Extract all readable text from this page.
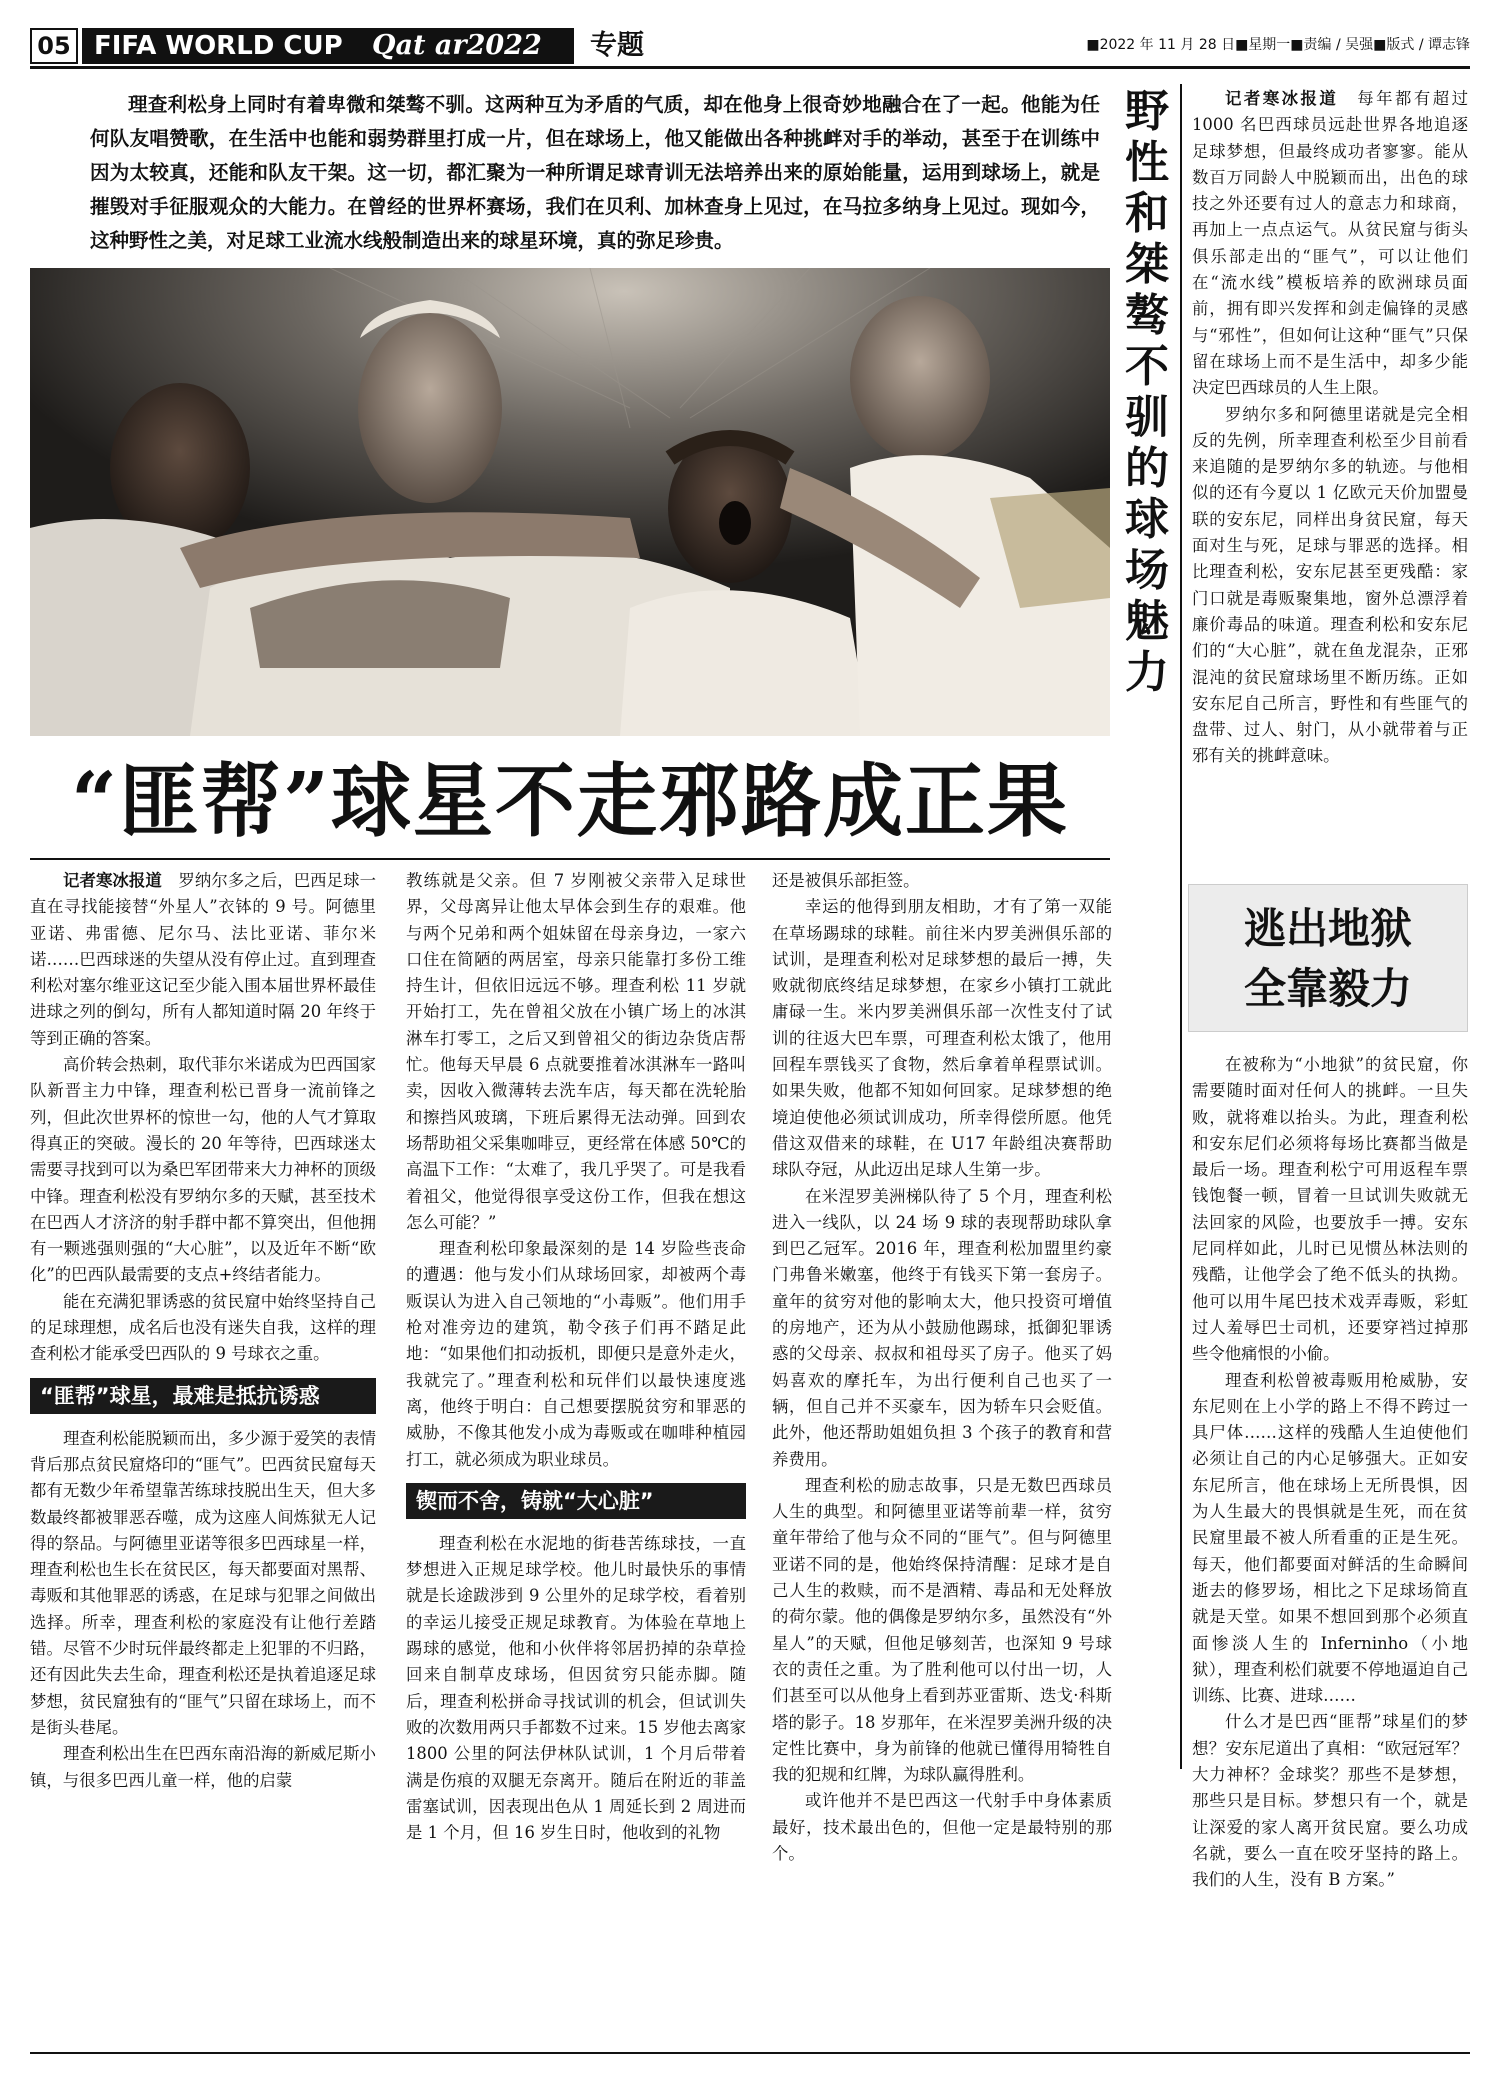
05 FIFA WORLD CUP Qat ar2022 专题	■2022 年 11 月 28 日■星期一■责编 / 吴强■版式 / 谭志锋
理查利松身上同时有着卑微和桀骜不驯。这两种互为矛盾的气质，却在他身上很奇妙地融合在了一起。他能为任何队友唱赞歌，在生活中也能和弱势群里打成一片，但在球场上，他又能做出各种挑衅对手的举动，甚至于在训练中因为太较真，还能和队友干架。这一切，都汇聚为一种所谓足球青训无法培养出来的原始能量，运用到球场上，就是摧毁对手征服观众的大能力。在曾经的世界杯赛场，我们在贝利、加林查身上见过，在马拉多纳身上见过。现如今，这种野性之美，对足球工业流水线般制造出来的球星环境，真的弥足珍贵。
野性和桀骜不驯的球场魅力
“匪帮”球星不走邪路成正果

记者寒冰报道　 罗纳尔多之后，巴西足球一直在寻找能接替“外星人”衣钵的 9 号。阿德里亚诺、弗雷德、尼尔马、法比亚诺、菲尔米诺……巴西球迷的失望从没有停止过。直到理查利松对塞尔维亚这记至少能入围本届世界杯最佳进球之列的倒勾，所有人都知道时隔 20 年终于等到正确的答案。

高价转会热刺，取代菲尔米诺成为巴西国家队新晋主力中锋，理查利松已晋身一流前锋之列，但此次世界杯的惊世一勾，他的人气才算取得真正的突破。漫长的 20 年等待，巴西球迷太需要寻找到可以为桑巴军团带来大力神杯的顶级中锋。理查利松没有罗纳尔多的天赋，甚至技术在巴西人才济济的射手群中都不算突出，但他拥有一颗逃强则强的“大心脏”，以及近年不断“欧化”的巴西队最需要的支点+终结者能力。

能在充满犯罪诱惑的贫民窟中始终坚持自己的足球理想，成名后也没有迷失自我，这样的理查利松才能承受巴西队的 9 号球衣之重。

“匪帮”球星，最难是抵抗诱惑

理查利松能脱颖而出，多少源于爱笑的表情背后那点贫民窟烙印的“匪气”。巴西贫民窟每天都有无数少年希望靠苦练球技脱出生天，但大多数最终都被罪恶吞噬，成为这座人间炼狱无人记得的祭品。与阿德里亚诺等很多巴西球星一样，理查利松也生长在贫民区，每天都要面对黑帮、毒贩和其他罪恶的诱惑，在足球与犯罪之间做出选择。所幸，理查利松的家庭没有让他行差踏错。尽管不少时玩伴最终都走上犯罪的不归路，还有因此失去生命，理查利松还是执着追逐足球梦想，贫民窟独有的“匪气”只留在球场上，而不是街头巷尾。

理查利松出生在巴西东南沿海的新威尼斯小镇，与很多巴西儿童一样，他的启蒙

教练就是父亲。但 7 岁刚被父亲带入足球世界，父母离异让他太早体会到生存的艰难。他与两个兄弟和两个姐妹留在母亲身边，一家六口住在简陋的两居室，母亲只能靠打多份工维持生计，但依旧远远不够。理查利松 11 岁就开始打工，先在曾祖父放在小镇广场上的冰淇淋车打零工，之后又到曾祖父的街边杂货店帮忙。他每天早晨 6 点就要推着冰淇淋车一路叫卖，因收入微薄转去洗车店，每天都在洗轮胎和擦挡风玻璃，下班后累得无法动弹。回到农场帮助祖父采集咖啡豆，更经常在体感 50℃的高温下工作：“太难了，我几乎哭了。可是我看着祖父，他觉得很享受这份工作，但我在想这怎么可能？”

理查利松印象最深刻的是 14 岁险些丧命的遭遇：他与发小们从球场回家，却被两个毒贩误认为进入自己领地的“小毒贩”。他们用手枪对准旁边的建筑，勒令孩子们再不踏足此地：“如果他们扣动扳机，即便只是意外走火，我就完了。”理查利松和玩伴们以最快速度逃离，他终于明白：自己想要摆脱贫穷和罪恶的威胁，不像其他发小成为毒贩或在咖啡种植园打工，就必须成为职业球员。

锲而不舍，铸就“大心脏”

理查利松在水泥地的街巷苦练球技，一直梦想进入正规足球学校。他儿时最快乐的事情就是长途跋涉到 9 公里外的足球学校，看着别的幸运儿接受正规足球教育。为体验在草地上踢球的感觉，他和小伙伴将邻居扔掉的杂草捡回来自制草皮球场，但因贫穷只能赤脚。随后，理查利松拼命寻找试训的机会，但试训失败的次数用两只手都数不过来。15 岁他去离家 1800 公里的阿法伊林队试训，1 个月后带着满是伤痕的双腿无奈离开。随后在附近的菲盖雷塞试训，因表现出色从 1 周延长到 2 周进而是 1 个月，但 16 岁生日时，他收到的礼物

还是被俱乐部拒签。

幸运的他得到朋友相助，才有了第一双能在草场踢球的球鞋。前往米内罗美洲俱乐部的试训，是理查利松对足球梦想的最后一搏，失败就彻底终结足球梦想，在家乡小镇打工就此庸碌一生。米内罗美洲俱乐部一次性支付了试训的往返大巴车票，可理查利松太饿了，他用回程车票钱买了食物，然后拿着单程票试训。如果失败，他都不知如何回家。足球梦想的绝境迫使他必须试训成功，所幸得偿所愿。他凭借这双借来的球鞋，在 U17 年龄组决赛帮助球队夺冠，从此迈出足球人生第一步。

在米涅罗美洲梯队待了 5 个月，理查利松进入一线队，以 24 场 9 球的表现帮助球队拿到巴乙冠军。2016 年，理查利松加盟里约豪门弗鲁米嫩塞，他终于有钱买下第一套房子。童年的贫穷对他的影响太大，他只投资可增值的房地产，还为从小鼓励他踢球，抵御犯罪诱惑的父母亲、叔叔和祖母买了房子。他买了妈妈喜欢的摩托车，为出行便利自己也买了一辆，但自己并不买豪车，因为轿车只会贬值。此外，他还帮助姐姐负担 3 个孩子的教育和营养费用。

理查利松的励志故事，只是无数巴西球员人生的典型。和阿德里亚诺等前辈一样，贫穷童年带给了他与众不同的“匪气”。但与阿德里亚诺不同的是，他始终保持清醒：足球才是自己人生的救赎，而不是酒精、毒品和无处释放的荷尔蒙。他的偶像是罗纳尔多，虽然没有“外星人”的天赋，但他足够刻苦，也深知 9 号球衣的责任之重。为了胜利他可以付出一切，人们甚至可以从他身上看到苏亚雷斯、迭戈·科斯塔的影子。18 岁那年，在米涅罗美洲升级的决定性比赛中，身为前锋的他就已懂得用犄牲自我的犯规和红牌，为球队赢得胜利。

或许他并不是巴西这一代射手中身体素质最好，技术最出色的，但他一定是最特别的那个。

记者寒冰报道　 每年都有超过 1000 名巴西球员远赴世界各地追逐足球梦想，但最终成功者寥寥。能从数百万同龄人中脱颖而出，出色的球技之外还要有过人的意志力和球商，再加上一点点运气。从贫民窟与街头俱乐部走出的“匪气”，可以让他们在“流水线”模板培养的欧洲球员面前，拥有即兴发挥和剑走偏锋的灵感与“邪性”，但如何让这种“匪气”只保留在球场上而不是生活中，却多少能决定巴西球员的人生上限。

罗纳尔多和阿德里诺就是完全相反的先例，所幸理查利松至少目前看来追随的是罗纳尔多的轨迹。与他相似的还有今夏以 1 亿欧元天价加盟曼联的安东尼，同样出身贫民窟，每天面对生与死，足球与罪恶的选择。相比理查利松，安东尼甚至更残酷：家门口就是毒贩聚集地，窗外总漂浮着廉价毒品的味道。理查利松和安东尼们的“大心脏”，就在鱼龙混杂，正邪混沌的贫民窟球场里不断历练。正如安东尼自己所言，野性和有些匪气的盘带、过人、射门，从小就带着与正邪有关的挑衅意味。

逃出地狱
全靠毅力

在被称为“小地狱”的贫民窟，你需要随时面对任何人的挑衅。一旦失败，就将难以抬头。为此，理查利松和安东尼们必须将每场比赛都当做是最后一场。理查利松宁可用返程车票钱饱餐一顿，冒着一旦试训失败就无法回家的风险，也要放手一搏。安东尼同样如此，儿时已见惯丛林法则的残酷，让他学会了绝不低头的执拗。他可以用牛尾巴技术戏弄毒贩，彩虹过人羞辱巴士司机，还要穿裆过掉那些令他痛恨的小偷。

理查利松曾被毒贩用枪威胁，安东尼则在上小学的路上不得不跨过一具尸体……这样的残酷人生迫使他们必须让自己的内心足够强大。正如安东尼所言，他在球场上无所畏惧，因为人生最大的畏惧就是生死，而在贫民窟里最不被人所看重的正是生死。每天，他们都要面对鲜活的生命瞬间逝去的修罗场，相比之下足球场简直就是天堂。如果不想回到那个必须直面惨淡人生的 Inferninho（小地狱），理查利松们就要不停地逼迫自己训练、比赛、进球……

什么才是巴西“匪帮”球星们的梦想？安东尼道出了真相：“欧冠冠军？大力神杯？金球奖？那些不是梦想，那些只是目标。梦想只有一个，就是让深爱的家人离开贫民窟。要么功成名就，要么一直在咬牙坚持的路上。我们的人生，没有 B 方案。”
